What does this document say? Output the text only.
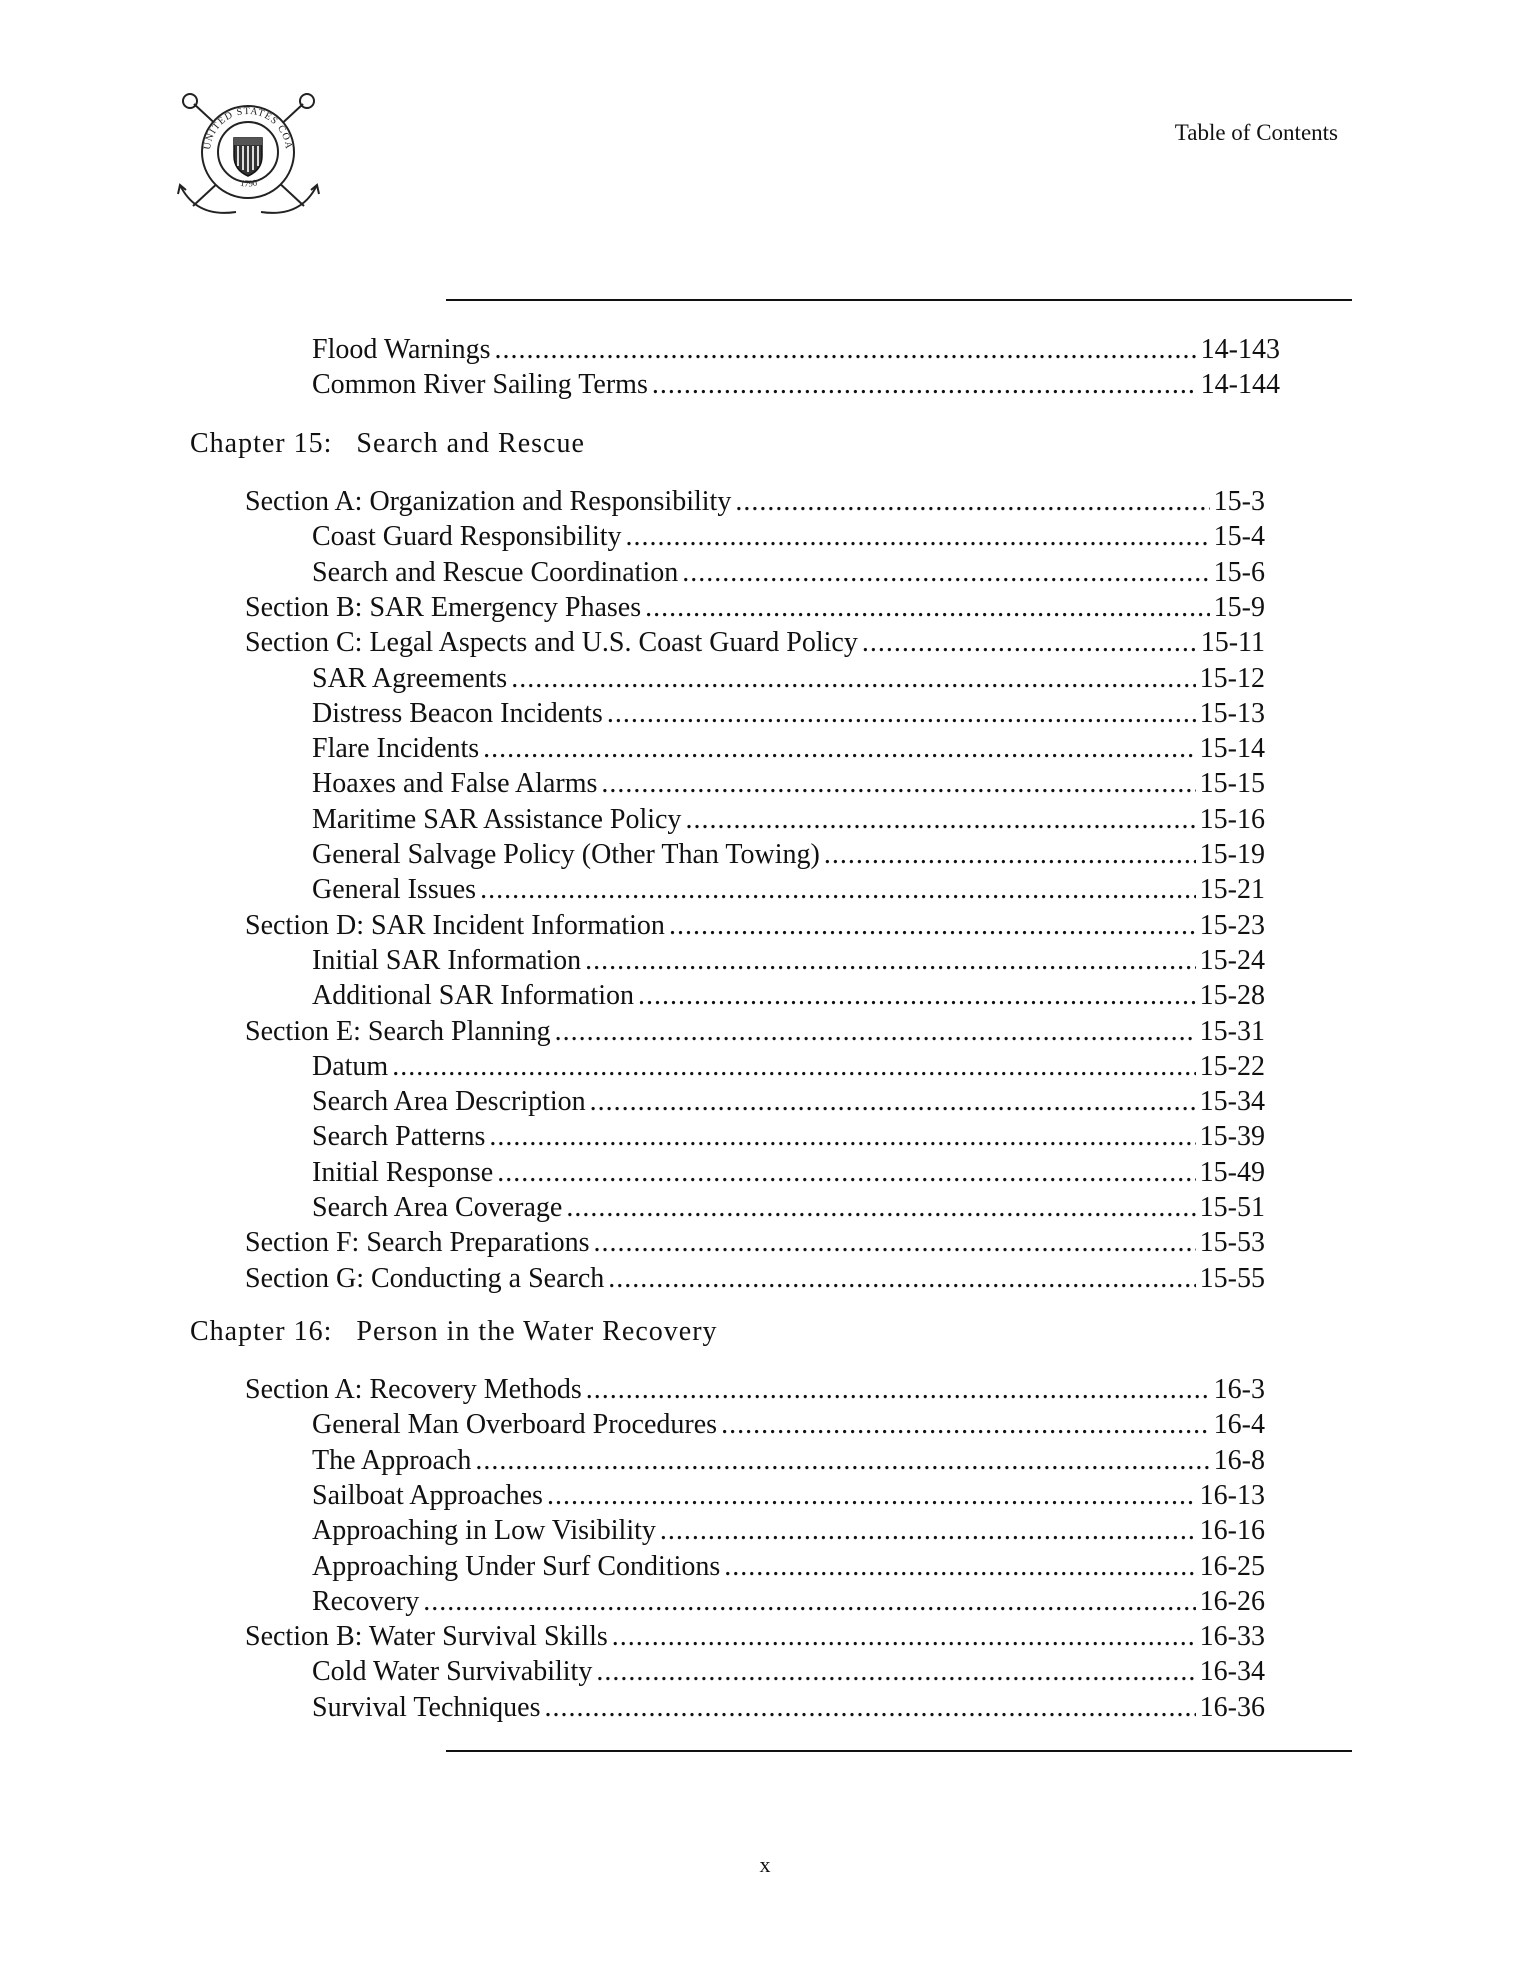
UNITED STATES COA
1790
Table of Contents
Flood Warnings .....	14-143
Common River Sailing Terms .....	14-144
Chapter 15:   Search and Rescue
Section A: Organization and Responsibility .....	15-3
Coast Guard Responsibility .....	15-4
Search and Rescue Coordination .....	15-6
Section B: SAR Emergency Phases .....	15-9
Section C: Legal Aspects and U.S. Coast Guard Policy .....	15-11
SAR Agreements .....	15-12
Distress Beacon Incidents .....	15-13
Flare Incidents .....	15-14
Hoaxes and False Alarms .....	15-15
Maritime SAR Assistance Policy .....	15-16
General Salvage Policy (Other Than Towing) .....	15-19
General Issues .....	15-21
Section D: SAR Incident Information .....	15-23
Initial SAR Information .....	15-24
Additional SAR Information .....	15-28
Section E: Search Planning .....	15-31
Datum .....	15-22
Search Area Description .....	15-34
Search Patterns .....	15-39
Initial Response .....	15-49
Search Area Coverage .....	15-51
Section F: Search Preparations .....	15-53
Section G: Conducting a Search .....	15-55
Chapter 16:   Person in the Water Recovery
Section A: Recovery Methods .....	16-3
General Man Overboard Procedures .....	16-4
The Approach .....	16-8
Sailboat Approaches .....	16-13
Approaching in Low Visibility .....	16-16
Approaching Under Surf Conditions .....	16-25
Recovery .....	16-26
Section B: Water Survival Skills .....	16-33
Cold Water Survivability .....	16-34
Survival Techniques .....	16-36
x
